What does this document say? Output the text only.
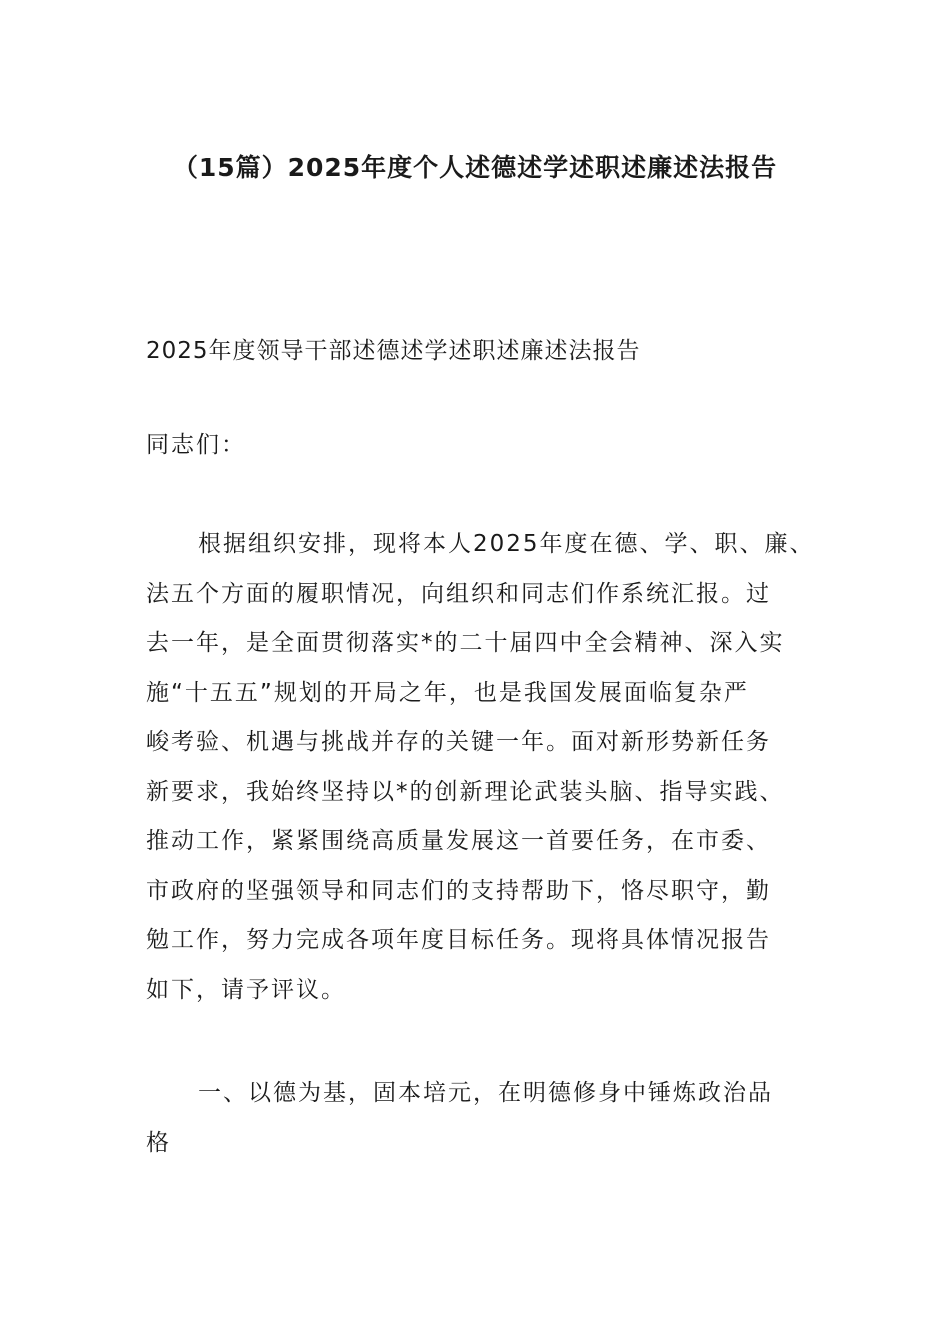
（15篇）2025年度个人述德述学述职述廉述法报告

2025年度领导干部述德述学述职述廉述法报告

同志们：

根据组织安排，现将本人2025年度在德、学、职、廉、
法五个方面的履职情况，向组织和同志们作系统汇报。过
去一年，是全面贯彻落实*的二十届四中全会精神、深入实
施“十五五”规划的开局之年，也是我国发展面临复杂严
峻考验、机遇与挑战并存的关键一年。面对新形势新任务
新要求，我始终坚持以*的创新理论武装头脑、指导实践、
推动工作，紧紧围绕高质量发展这一首要任务，在市委、
市政府的坚强领导和同志们的支持帮助下，恪尽职守，勤
勉工作，努力完成各项年度目标任务。现将具体情况报告
如下，请予评议。
一、以德为基，固本培元，在明德修身中锤炼政治品
格
